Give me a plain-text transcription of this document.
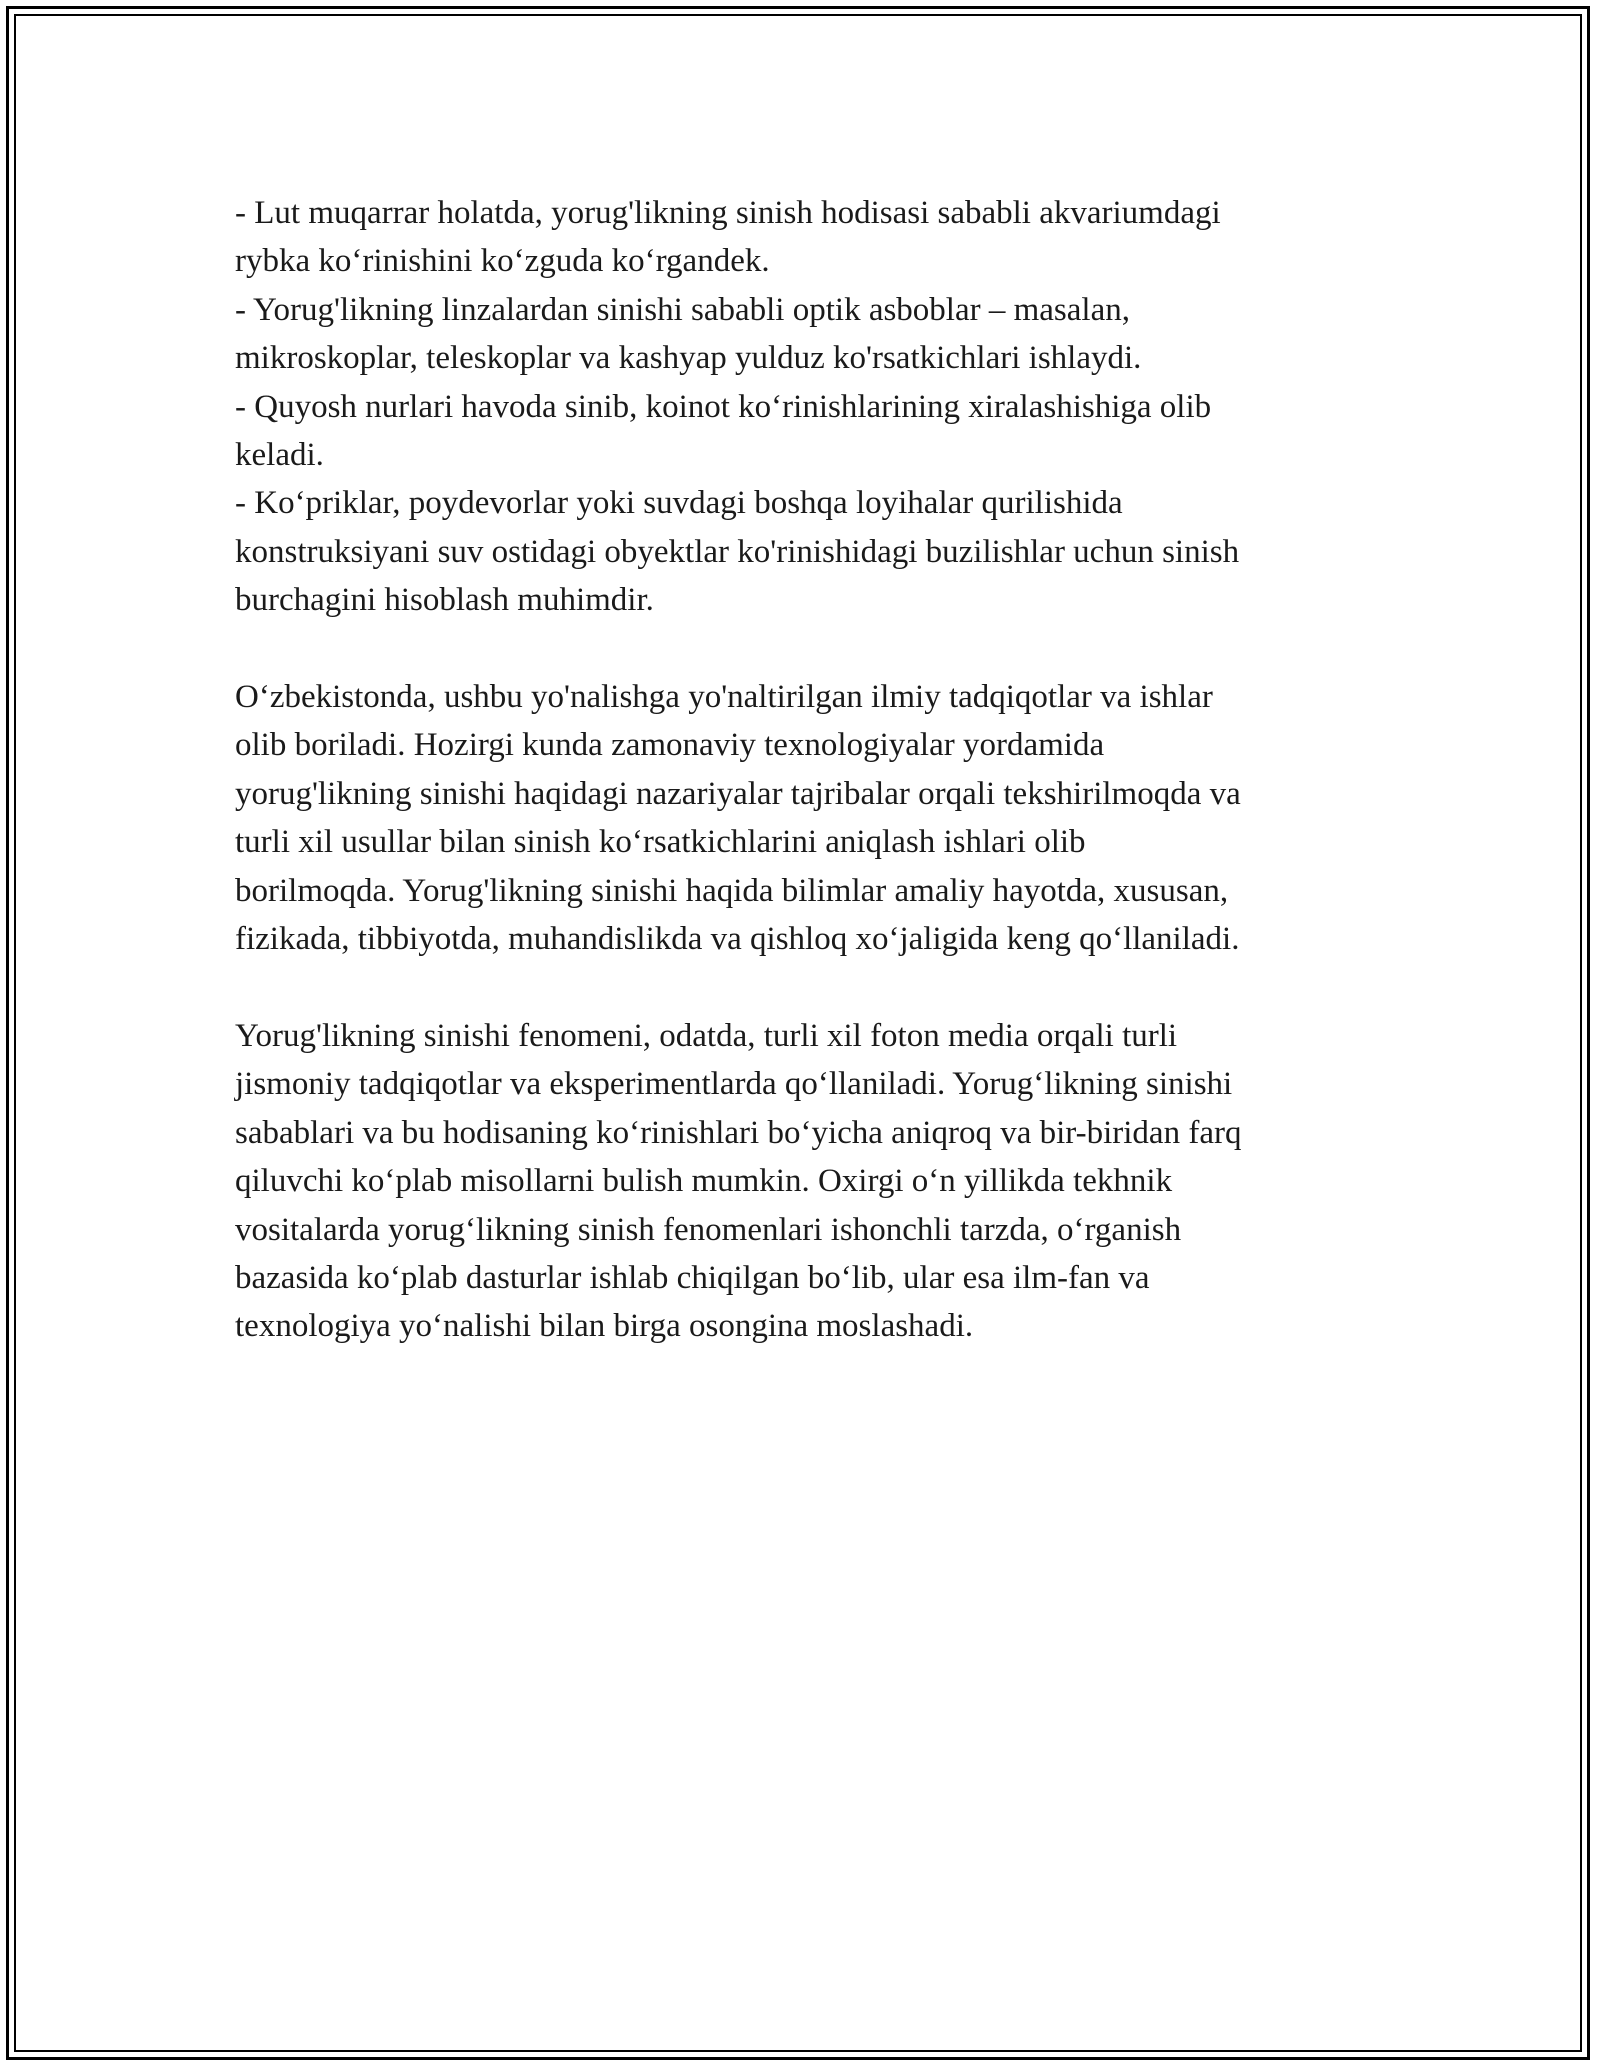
- Lut muqarrar holatda, yorug'likning sinish hodisasi sababli akvariumdagi

rybka koʻrinishini koʻzguda koʻrgandek.

- Yorug'likning linzalardan sinishi sababli optik asboblar – masalan,

mikroskoplar, teleskoplar va kashyap yulduz ko'rsatkichlari ishlaydi.

- Quyosh nurlari havoda sinib, koinot koʻrinishlarining xiralashishiga olib

keladi.

- Koʻpriklar, poydevorlar yoki suvdagi boshqa loyihalar qurilishida

konstruksiyani suv ostidagi obyektlar ko'rinishidagi buzilishlar uchun sinish

burchagini hisoblash muhimdir.

Oʻzbekistonda, ushbu yo'nalishga yo'naltirilgan ilmiy tadqiqotlar va ishlar

olib boriladi. Hozirgi kunda zamonaviy texnologiyalar yordamida

yorug'likning sinishi haqidagi nazariyalar tajribalar orqali tekshirilmoqda va

turli xil usullar bilan sinish koʻrsatkichlarini aniqlash ishlari olib

borilmoqda. Yorug'likning sinishi haqida bilimlar amaliy hayotda, xususan,

fizikada, tibbiyotda, muhandislikda va qishloq xoʻjaligida keng qoʻllaniladi.

Yorug'likning sinishi fenomeni, odatda, turli xil foton media orqali turli

jismoniy tadqiqotlar va eksperimentlarda qoʻllaniladi. Yorugʻlikning sinishi

sabablari va bu hodisaning koʻrinishlari boʻyicha aniqroq va bir-biridan farq

qiluvchi koʻplab misollarni bulish mumkin. Oxirgi oʻn yillikda tekhnik

vositalarda yorugʻlikning sinish fenomenlari ishonchli tarzda, oʻrganish

bazasida koʻplab dasturlar ishlab chiqilgan boʻlib, ular esa ilm-fan va

texnologiya yoʻnalishi bilan birga osongina moslashadi.
